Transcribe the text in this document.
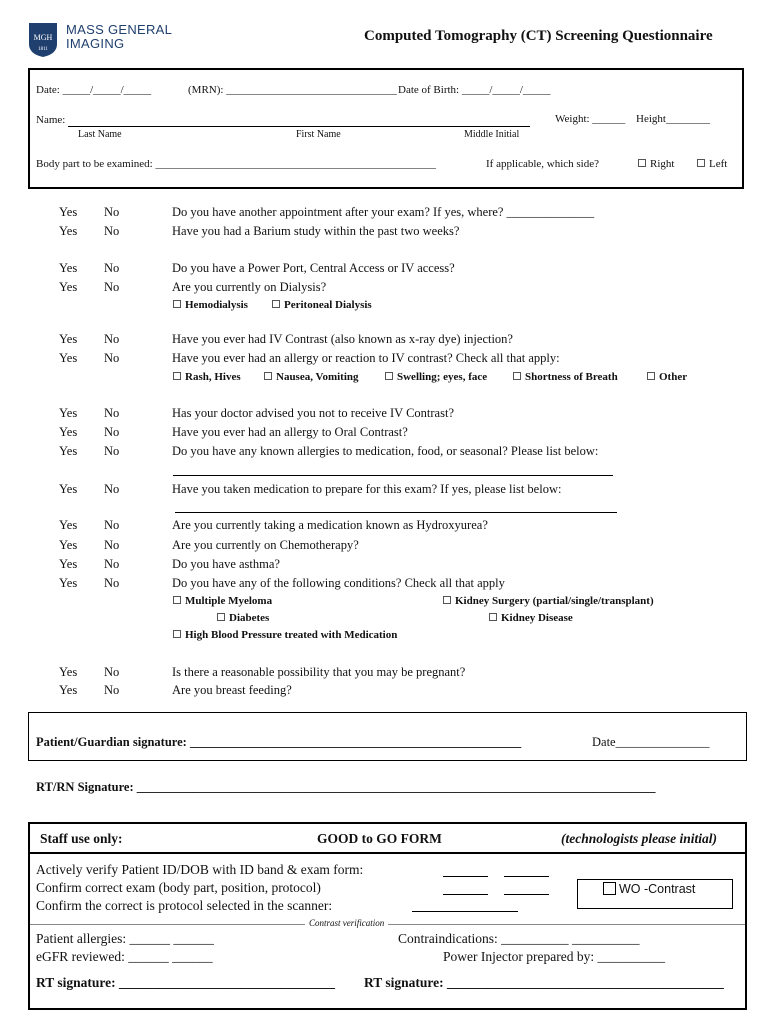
MGH
1811
MASS GENERAL
IMAGING	Computed Tomography (CT) Screening Questionnaire
Date: _____/_____/_____	(MRN): _______________________________ Date of Birth: _____/_____/_____
Name:
Last Name	First Name	Middle Initial
Weight: ______ Height________
Body part to be examined: ___________________________________________________	If applicable, which side?	Right	Left
Yes No	Do you have another appointment after your exam? If yes, where? ______________
Yes No	Have you had a Barium study within the past two weeks?
Yes No	Do you have a Power Port, Central Access or IV access?
Yes No	Are you currently on Dialysis?
Hemodialysis	Peritoneal Dialysis
Yes No	Have you ever had IV Contrast (also known as x-ray dye) injection?
Yes No	Have you ever had an allergy or reaction to IV contrast? Check all that apply:
Rash, Hives	Nausea, Vomiting	Swelling; eyes, face	Shortness of Breath	Other
Yes No	Has your doctor advised you not to receive IV Contrast?
Yes No	Have you ever had an allergy to Oral Contrast?
Yes No	Do you have any known allergies to medication, food, or seasonal? Please list below:
Yes No	Have you taken medication to prepare for this exam? If yes, please list below:
Yes No	Are you currently taking a medication known as Hydroxyurea?
Yes No	Are you currently on Chemotherapy?
Yes No	Do you have asthma?
Yes No	Do you have any of the following conditions? Check all that apply
Multiple Myeloma	Kidney Surgery (partial/single/transplant)
Diabetes	Kidney Disease
High Blood Pressure treated with Medication
Yes No	Is there a reasonable possibility that you may be pregnant?
Yes No	Are you breast feeding?
Patient/Guardian signature: _____________________________________________________	Date_______________
RT/RN Signature: ___________________________________________________________________________________
Staff use only:	GOOD to GO FORM	(technologists please initial)
Actively verify Patient ID/DOB with ID band & exam form:
Confirm correct exam (body part, position, protocol)
Confirm the correct is protocol selected in the scanner:
WO -Contrast
Contrast verification
Patient allergies: ______ ______	Contraindications: __________ __________
eGFR reviewed: ______ ______	Power Injector prepared by: __________
RT signature: ________________________________ RT signature: _________________________________________
